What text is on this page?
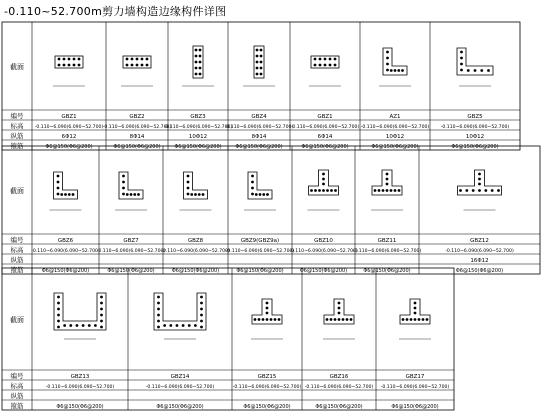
-0.110~52.700m剪力墙构造边缘构件详图
截面
编号
标高
纵筋
箍筋
GBZ1
-0.110~6.090(6.090~52.700)
6Φ12
Φ6@150(Φ6@200)
GBZ2
-0.110~6.090(6.090~52.700)
8Φ14
Φ6@150(Φ6@200)
GBZ3
-0.110~6.090(6.090~52.700)
10Φ12
Φ6@150(Φ6@200)
GBZ4
-0.110~6.090(6.090~52.700)
8Φ14
Φ6@150(Φ6@200)
GBZ1
-0.110~6.090(6.090~52.700)
6Φ14
Φ6@150(Φ6@200)
AZ1
-0.110~6.090(6.090~52.700)
10Φ12
Φ6@150(Φ6@200)
GBZ5
-0.110~6.090(6.090~52.700)
10Φ12
Φ6@150(Φ6@200)
截面
编号
标高
纵筋
箍筋
GBZ6
-0.110~6.090(6.090~52.700)
Φ6@150(Φ6@200)
GBZ7
-0.110~6.090(6.090~52.700)
Φ6@150(Φ6@200)
GBZ8
-0.110~6.090(6.090~52.700)
Φ6@150(Φ6@200)
GBZ9(GBZ9a)
-0.110~6.090(6.090~52.700)
Φ6@150(Φ6@200)
GBZ10
-0.110~6.090(6.090~52.700)
Φ6@150(Φ6@200)
GBZ11
-0.110~6.090(6.090~52.700)
Φ6@150(Φ6@200)
GBZ12
-0.110~6.090(6.090~52.700)
16Φ12
Φ6@150(Φ6@200)
截面
编号
标高
纵筋
箍筋
GBZ13
-0.110~6.090(6.090~52.700)
Φ6@150(Φ6@200)
GBZ14
-0.110~6.090(6.090~52.700)
Φ6@150(Φ6@200)
GBZ15
-0.110~6.090(6.090~52.700)
Φ6@150(Φ6@200)
GBZ16
-0.110~6.090(6.090~52.700)
Φ6@150(Φ6@200)
GBZ17
-0.110~6.090(6.090~52.700)
Φ6@150(Φ6@200)
